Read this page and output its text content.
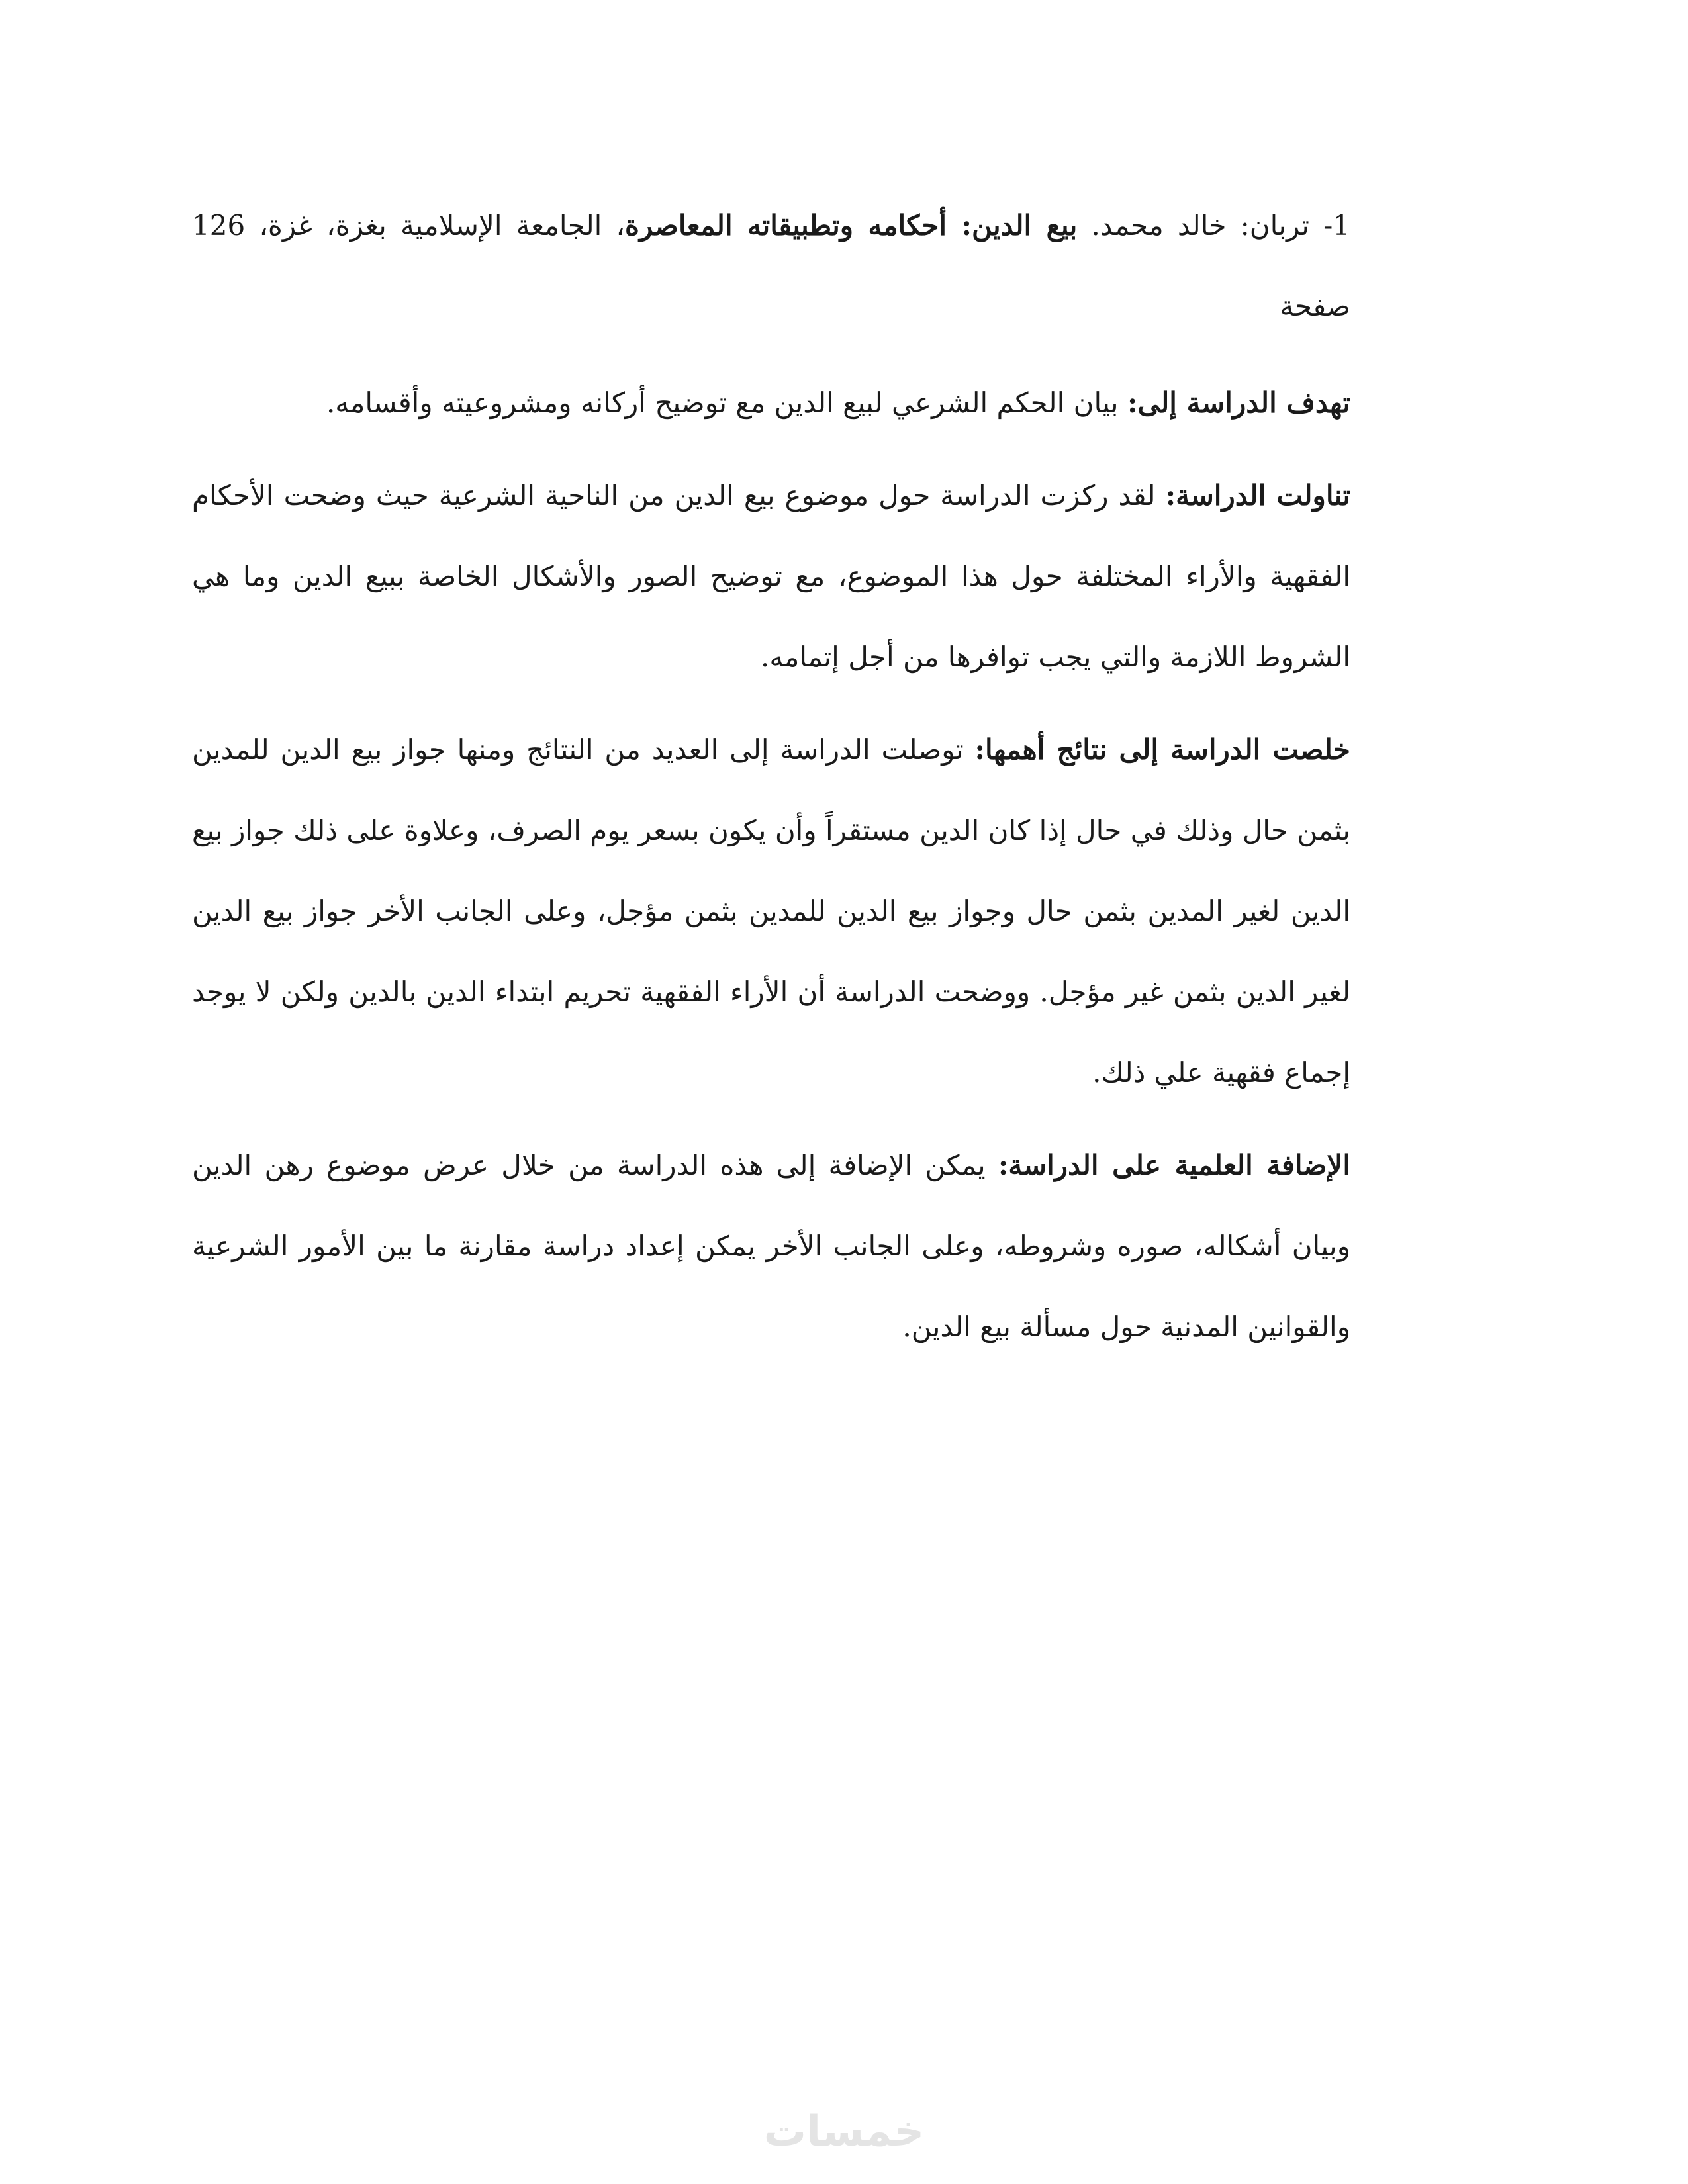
1- تربان: خالد محمد. بيع الدين: أحكامه وتطبيقاته المعاصرة، الجامعة الإسلامية بغزة، غزة، 126 صفحة

تهدف الدراسة إلى: بيان الحكم الشرعي لبيع الدين مع توضيح أركانه ومشروعيته وأقسامه.

تناولت الدراسة: لقد ركزت الدراسة حول موضوع بيع الدين من الناحية الشرعية حيث وضحت الأحكام الفقهية والأراء المختلفة حول هذا الموضوع، مع توضيح الصور والأشكال الخاصة ببيع الدين وما هي الشروط اللازمة والتي يجب توافرها من أجل إتمامه.

خلصت الدراسة إلى نتائج أهمها: توصلت الدراسة إلى العديد من النتائج ومنها جواز بيع الدين للمدين بثمن حال وذلك في حال إذا كان الدين مستقراً وأن يكون بسعر يوم الصرف، وعلاوة على ذلك جواز بيع الدين لغير المدين بثمن حال وجواز بيع الدين للمدين بثمن مؤجل، وعلى الجانب الأخر جواز بيع الدين لغير الدين بثمن غير مؤجل. ووضحت الدراسة أن الأراء الفقهية تحريم ابتداء الدين بالدين ولكن لا يوجد إجماع فقهية علي ذلك.

الإضافة العلمية على الدراسة: يمكن الإضافة إلى هذه الدراسة من خلال عرض موضوع رهن الدين وبيان أشكاله، صوره وشروطه، وعلى الجانب الأخر يمكن إعداد دراسة مقارنة ما بين الأمور الشرعية والقوانين المدنية حول مسألة بيع الدين.

خمسات
